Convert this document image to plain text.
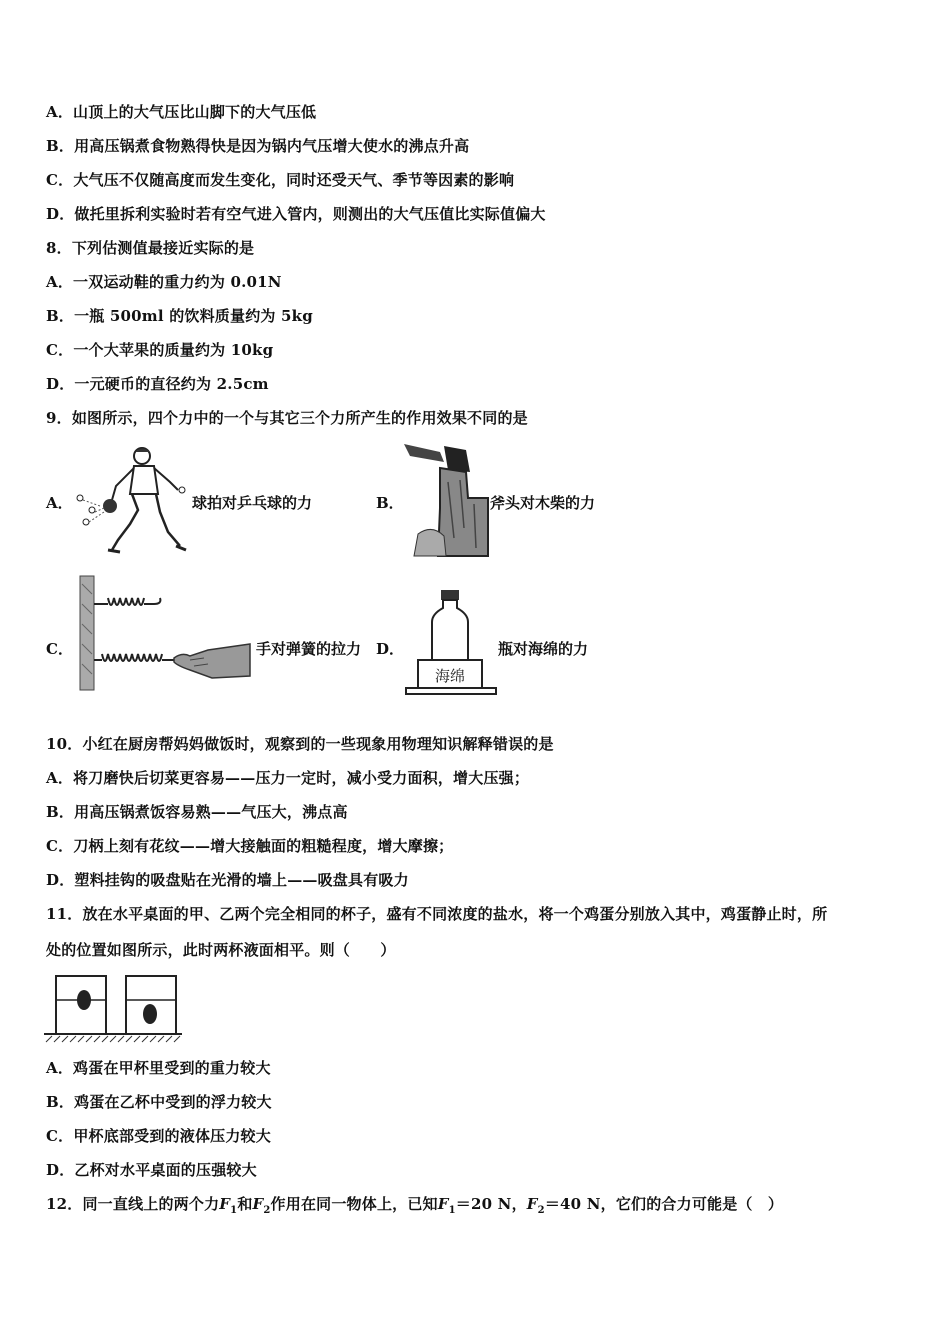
A．山顶上的大气压比山脚下的大气压低
B．用高压锅煮食物熟得快是因为锅内气压增大使水的沸点升高
C．大气压不仅随高度而发生变化，同时还受天气、季节等因素的影响
D．做托里拆利实验时若有空气进入管内，则测出的大气压值比实际值偏大
8．下列估测值最接近实际的是
A．一双运动鞋的重力约为 0.01N
B．一瓶 500ml 的饮料质量约为 5kg
C．一个大苹果的质量约为 10kg
D．一元硬币的直径约为 2.5cm
9．如图所示，四个力中的一个与其它三个力所产生的作用效果不同的是
A．	球拍对乒乓球的力	B．	斧头对木柴的力
C．	手对弹簧的拉力 D．
海绵
瓶对海绵的力
10．小红在厨房帮妈妈做饭时，观察到的一些现象用物理知识解释错误的是
A．将刀磨快后切菜更容易——压力一定时，减小受力面积，增大压强；
B．用高压锅煮饭容易熟——气压大，沸点高
C．刀柄上刻有花纹——增大接触面的粗糙程度，增大摩擦；
D．塑料挂钩的吸盘贴在光滑的墙上——吸盘具有吸力
11．放在水平桌面的甲、乙两个完全相同的杯子，盛有不同浓度的盐水，将一个鸡蛋分别放入其中，鸡蛋静止时，所
处的位置如图所示，此时两杯液面相平。则（　　）
A．鸡蛋在甲杯里受到的重力较大
B．鸡蛋在乙杯中受到的浮力较大
C．甲杯底部受到的液体压力较大
D．乙杯对水平桌面的压强较大
12．同一直线上的两个力$F_1$和$F_2$作用在同一物体上，已知$F_1=20$ N，$F_2=40$ N，它们的合力可能是（　）
